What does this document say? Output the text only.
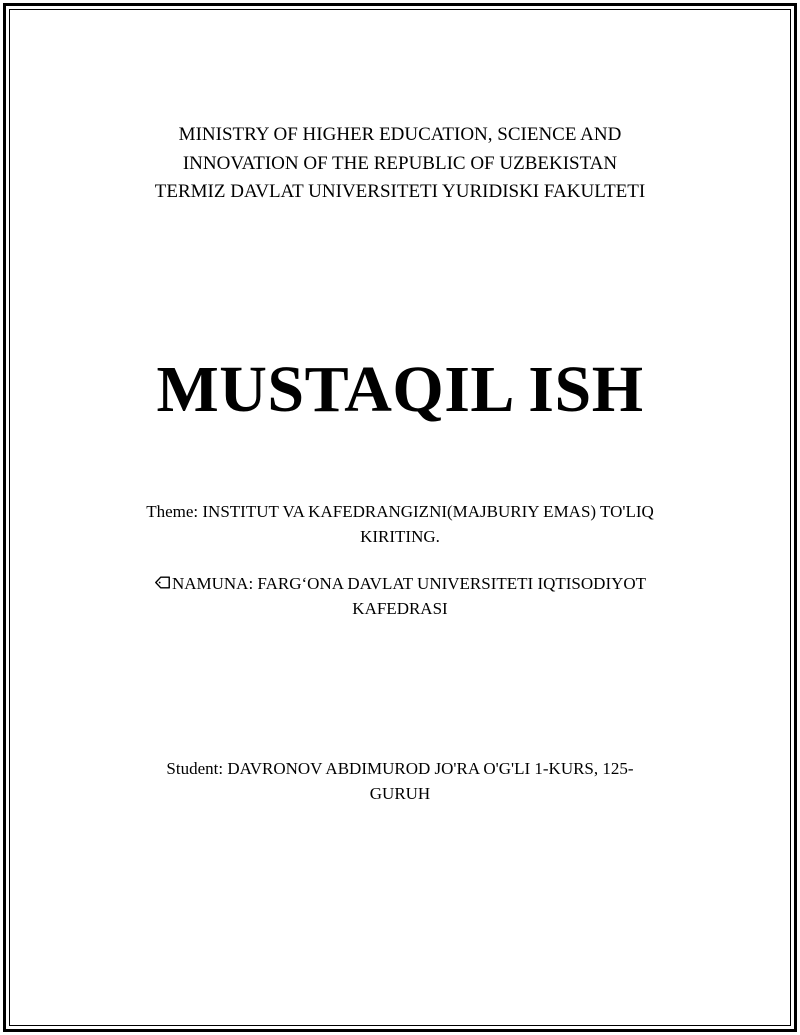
MINISTRY OF HIGHER EDUCATION, SCIENCE AND
INNOVATION OF THE REPUBLIC OF UZBEKISTAN
TERMIZ DAVLAT UNIVERSITETI YURIDISKI FAKULTETI
MUSTAQIL ISH
Theme: INSTITUT VA KAFEDRANGIZNI(MAJBURIY EMAS) TO'LIQ
KIRITING.
NAMUNA: FARG‘ONA DAVLAT UNIVERSITETI IQTISODIYOT
KAFEDRASI
Student: DAVRONOV ABDIMUROD JO'RA O'G'LI 1-KURS, 125-
GURUH
